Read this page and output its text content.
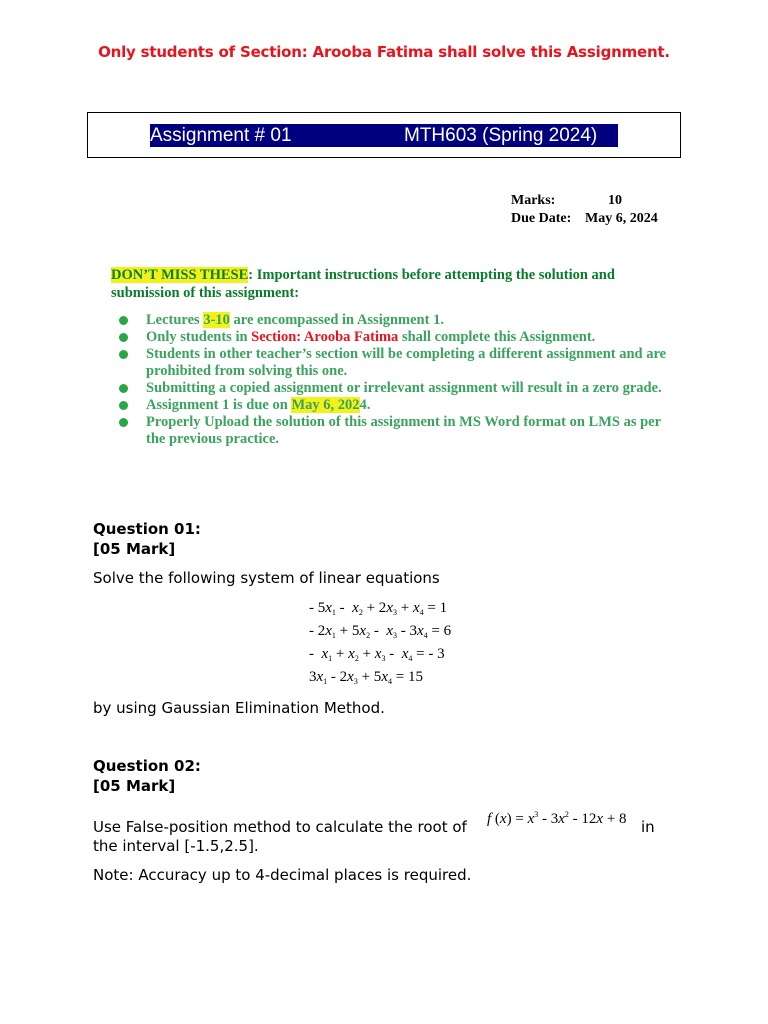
Only students of Section: Arooba Fatima shall solve this Assignment.

Assignment # 01

	MTH603 (Spring 2024)

Marks:	10
Due Date: May 6, 2024
DON’T MISS THESE: Important instructions before attempting the solution and submission of this assignment:
Lectures 3-10 are encompassed in Assignment 1.
Only students in Section: Arooba Fatima shall complete this Assignment.
Students in other teacher’s section will be completing a different assignment and are prohibited from solving this one.
Submitting a copied assignment or irrelevant assignment will result in a zero grade.
Assignment 1 is due on May 6, 2024.
Properly Upload the solution of this assignment in MS Word format on LMS as per the previous practice.
Question 01:
[05 Mark]
Solve the following system of linear equations
- $5x_1 - x_2 + 2x_3 + x_4 = 1$
- $2x_1 + 5x_2 - x_3 - 3x_4 = 6$
-  $x_1 + x_2 + x_3 - x_4$ = - 3
$3x_1 - 2x_3 + 5x_4 = 15$
by using Gaussian Elimination Method.
Question 02:
[05 Mark]
Use False-position method to calculate the root of f $(x) = x^3 - 3x^2 - 12x + 8$ in
the interval [-1.5,2.5].
Note: Accuracy up to 4-decimal places is required.
